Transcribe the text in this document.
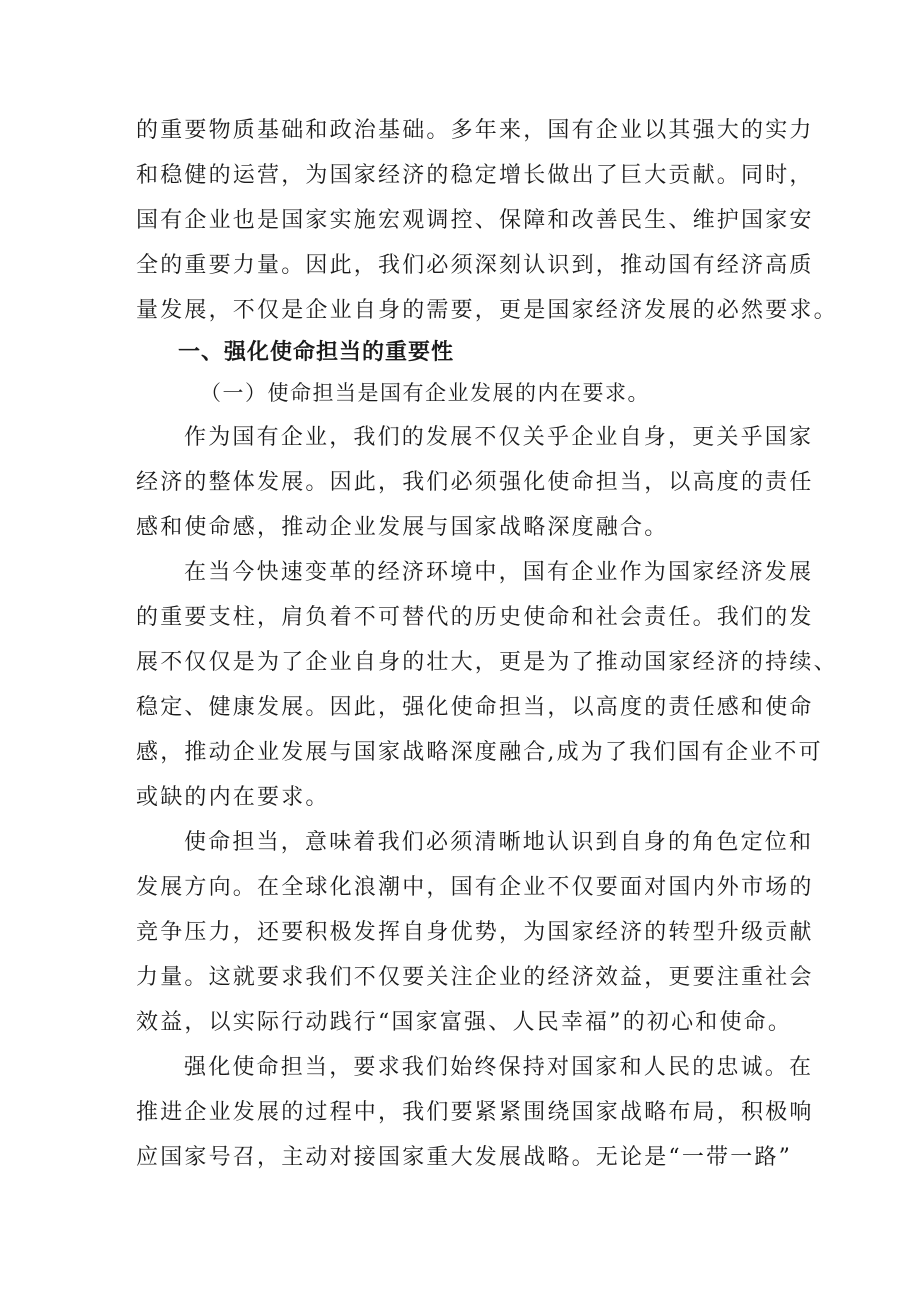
的重要物质基础和政治基础。多年来，国有企业以其强大的实力
和稳健的运营，为国家经济的稳定增长做出了巨大贡献。同时，
国有企业也是国家实施宏观调控、保障和改善民生、维护国家安
全的重要力量。因此，我们必须深刻认识到，推动国有经济高质
量发展，不仅是企业自身的需要，更是国家经济发展的必然要求。
一、强化使命担当的重要性
（一）使命担当是国有企业发展的内在要求。
作为国有企业，我们的发展不仅关乎企业自身，更关乎国家
经济的整体发展。因此，我们必须强化使命担当，以高度的责任
感和使命感，推动企业发展与国家战略深度融合。
在当今快速变革的经济环境中，国有企业作为国家经济发展
的重要支柱，肩负着不可替代的历史使命和社会责任。我们的发
展不仅仅是为了企业自身的壮大，更是为了推动国家经济的持续、
稳定、健康发展。因此，强化使命担当，以高度的责任感和使命
感，推动企业发展与国家战略深度融合,成为了我们国有企业不可
或缺的内在要求。
使命担当，意味着我们必须清晰地认识到自身的角色定位和
发展方向。在全球化浪潮中，国有企业不仅要面对国内外市场的
竞争压力，还要积极发挥自身优势，为国家经济的转型升级贡献
力量。这就要求我们不仅要关注企业的经济效益，更要注重社会
效益，以实际行动践行“国家富强、人民幸福”的初心和使命。
强化使命担当，要求我们始终保持对国家和人民的忠诚。在
推进企业发展的过程中，我们要紧紧围绕国家战略布局，积极响
应国家号召，主动对接国家重大发展战略。无论是“一带一路”
